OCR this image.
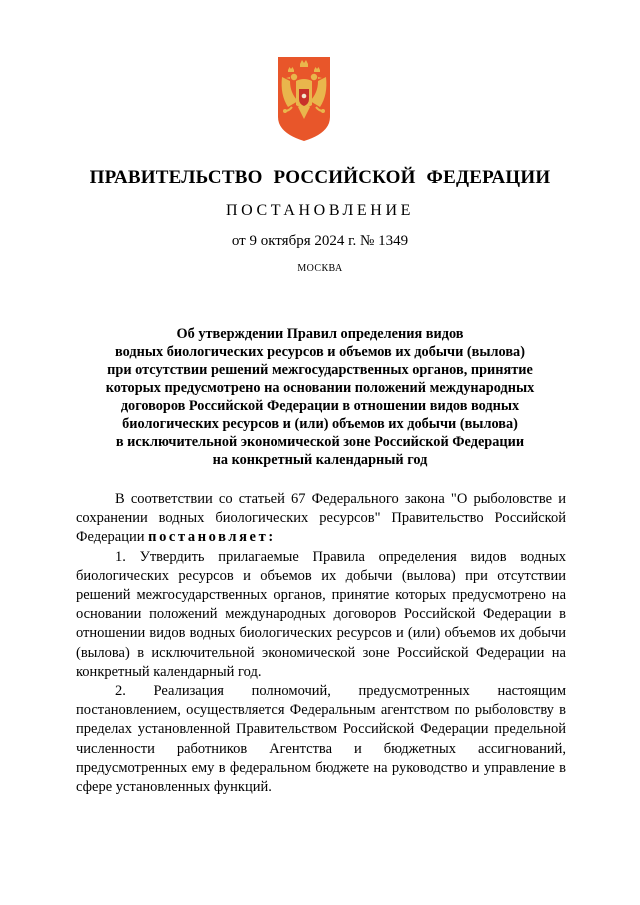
ПРАВИТЕЛЬСТВО РОССИЙСКОЙ ФЕДЕРАЦИИ
ПОСТАНОВЛЕНИЕ
от 9 октября 2024 г. № 1349
МОСКВА
Об утверждении Правил определения видов
водных биологических ресурсов и объемов их добычи (вылова)
при отсутствии решений межгосударственных органов, принятие
которых предусмотрено на основании положений международных
договоров Российской Федерации в отношении видов водных
биологических ресурсов и (или) объемов их добычи (вылова)
в исключительной экономической зоне Российской Федерации
на конкретный календарный год

В соответствии со статьей 67 Федерального закона "О рыболовстве и сохранении водных биологических ресурсов" Правительство Российской Федерации постановляет:

1. Утвердить прилагаемые Правила определения видов водных биологических ресурсов и объемов их добычи (вылова) при отсутствии решений межгосударственных органов, принятие которых предусмотрено на основании положений международных договоров Российской Федерации в отношении видов водных биологических ресурсов и (или) объемов их добычи (вылова) в исключительной экономической зоне Российской Федерации на конкретный календарный год.

2. Реализация полномочий, предусмотренных настоящим постановлением, осуществляется Федеральным агентством по рыболовству в пределах установленной Правительством Российской Федерации предельной численности работников Агентства и бюджетных ассигнований, предусмотренных ему в федеральном бюджете на руководство и управление в сфере установленных функций.
